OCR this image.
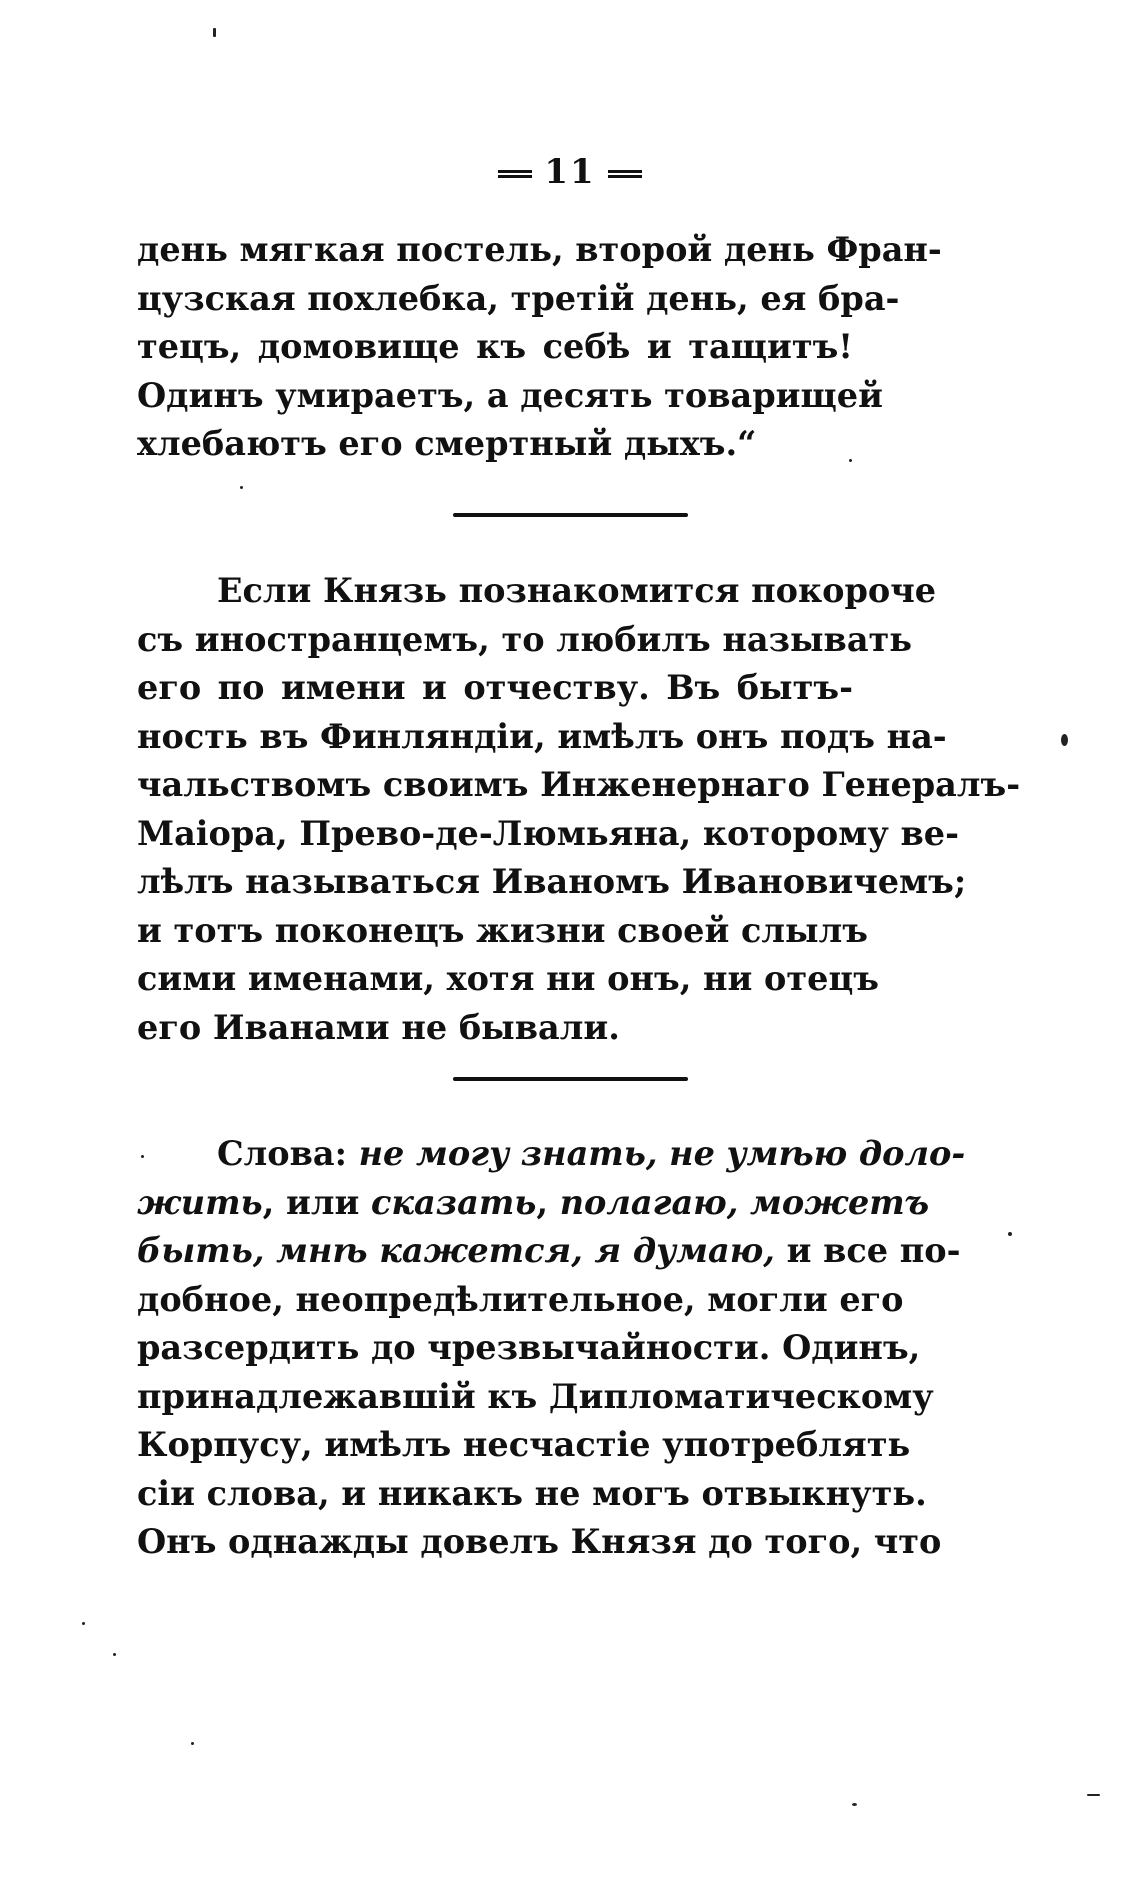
11
день мягкая постель, второй день Фран-
цузская похлебка, третій день, ея бра-
тецъ, домовище къ себѣ и тащитъ!
Одинъ умираетъ, а десять товарищей
хлебаютъ его смертный дыхъ.“
Если Князь познакомится покороче
съ иностранцемъ, то любилъ называть
его по имени и отчеству. Въ бытъ-
ность въ Финляндіи, имѣлъ онъ подъ на-
чальствомъ своимъ Инженернаго Генералъ-
Маіора, Прево-де-Люмьяна, которому ве-
лѣлъ называться Иваномъ Ивановичемъ;
и тотъ поконецъ жизни своей слылъ
сими именами, хотя ни онъ, ни отецъ
его Иванами не бывали.
Слова: не могу знать, не умѣю доло-
жить, или сказать, полагаю, можетъ
быть, мнѣ кажется, я думаю, и все по-
добное, неопредѣлительное, могли его
разсердить до чрезвычайности. Одинъ,
принадлежавшій къ Дипломатическому
Корпусу, имѣлъ несчастіе употреблять
сіи слова, и никакъ не могъ отвыкнуть.
Онъ однажды довелъ Князя до того, что
